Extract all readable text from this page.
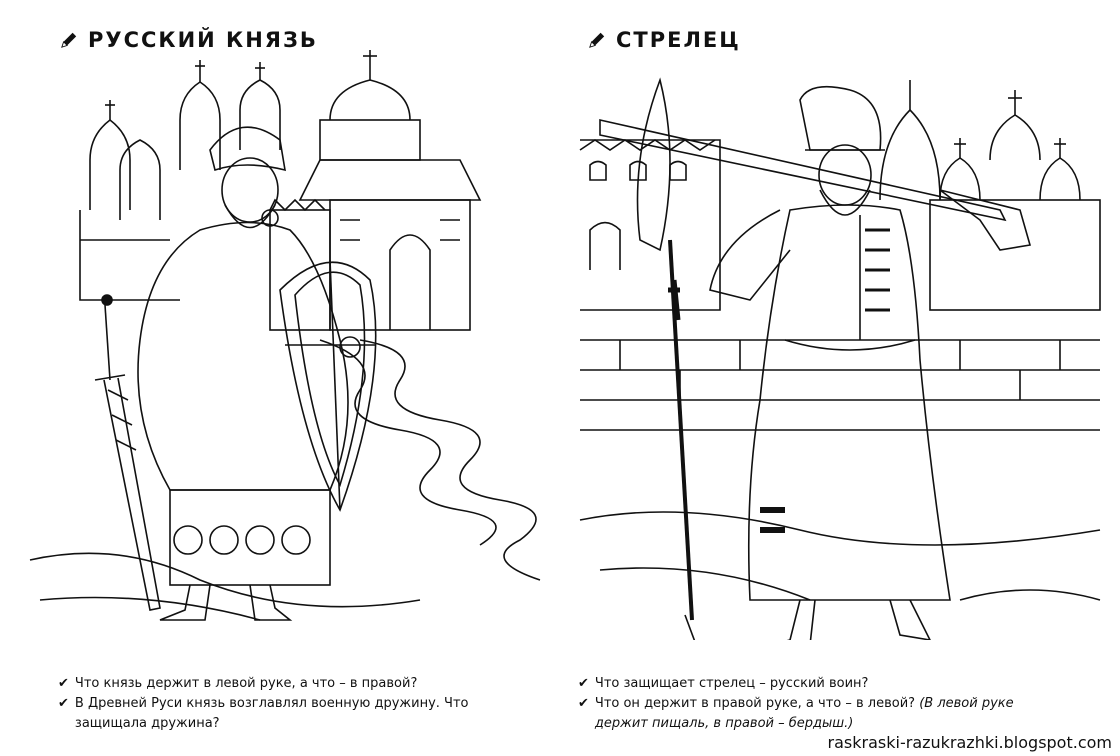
РУССКИЙ КНЯЗЬ
✔ Что князь держит в левой руке, а что – в правой?
✔ В Древней Руси князь возглавлял военную дружину. Что защищала дружина?
СТРЕЛЕЦ
✔ Что защищает стрелец – русский воин?
✔ Что он держит в правой руке, а что – в левой? (В левой руке держит пищаль, в правой – бердыш.)
raskraski-razukrazhki.blogspot.com
